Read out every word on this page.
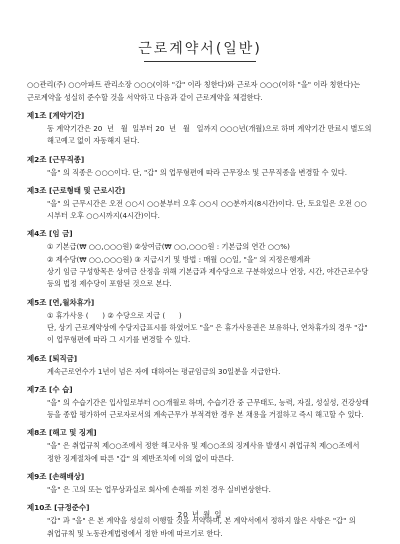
근로계약서(일반)

○○관리(주) ○○아파트 관리소장 ○○○(이하 "갑" 이라 칭한다)와 근로자 ○○○(이하 "을" 이라 칭한다)는 근로계약을 성실히 준수할 것을 서약하고 다음과 같이 근로계약을 체결한다.

제1조 [계약기간]
동 계약기간은 20  년   월  일부터 20  년   월   일까지 ○○○년(개월)으로 하며 계약기간 만료시 별도의 해고예고 없이 자동해지 된다.
제2조 [근무직종]
"을" 의 직종은 ○○○이다. 단, "갑" 의 업무형편에 따라 근무장소 및 근무직종을 변경할 수 있다.
제3조 [근로형태 및 근로시간]
"을" 의 근무시간은 오전 ○○시 ○○분부터 오후 ○○시 ○○분까지(8시간)이다. 단, 토요일은 오전 ○○시부터 오후 ○○시까지(4시간)이다.
제4조 [임 금]
① 기본급(₩ ○○,○○○원) ②상여금(₩ ○○,○○○원 : 기본급의 연간 ○○%)
② 제수당(₩ ○○,○○○원) ③ 지급시기 및 방법 : 매월 ○○일, "을" 의 지정은행계좌
상기 임금 구성항목은 상여금 산정을 위해 기본급과 제수당으로 구분하였으나 연장, 시간, 야간근로수당 등의 법정 제수당이 포함된 것으로 본다.
제5조 [연,월차휴가]
① 휴가사용 (      ) ② 수당으로 지급 (      )
단, 상기 근로계약상에 수당지급표시를 하였어도 "을" 은 휴가사용권은 보유하나, 연차휴가의 경우 "갑" 이 업무형편에 따라 그 시기를 변경할 수 있다.
제6조 [퇴직금]
계속근로연수가 1년이 넘은 자에 대하여는 평균임금의 30일분을 지급한다.
제7조 [수 습]
"을" 의 수습기간은 입사일로부터 ○○개월로 하며, 수습기간 중 근무태도, 능력, 자질, 성실성, 건강상태 등을 종합 평가하여 근로자로서의 계속근무가 부적격한 경우 본 채용을 거절하고 즉시 해고할 수 있다.
제8조 [해고 및 징계]
"을" 은 취업규칙 제○○조에서 정한 해고사유 및 제○○조의 징계사유 발생시 취업규칙 제○○조에서 정한 징계절차에 따른 "갑" 의 제반조치에 이의 없이 따른다.
제9조 [손해배상]
"을" 은 고의 또는 업무상과실로 회사에 손해를 끼친 경우 실비변상한다.
제10조 [규정준수]
"갑" 과 "을" 은 본 계약을 성실히 이행할 것을 서약하며, 본 계약서에서 정하지 않은 사항은 "갑" 의 취업규칙 및 노동관계법령에서 정한 바에 따르기로 한다.
20 년 월 일
